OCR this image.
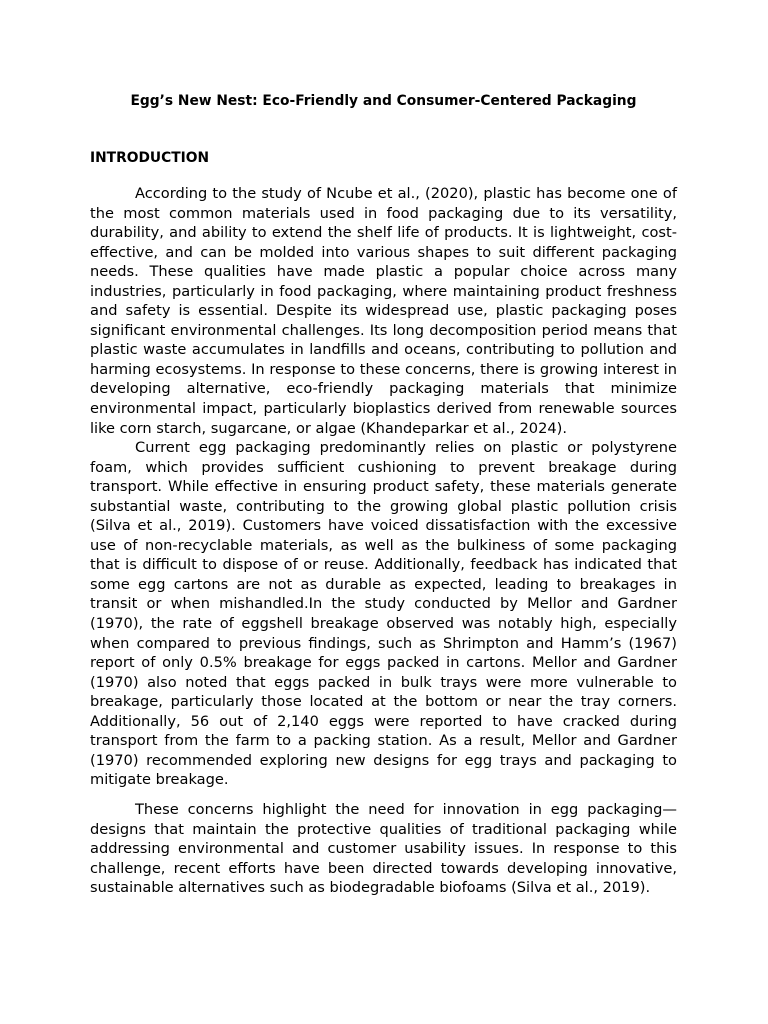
Egg’s New Nest: Eco-Friendly and Consumer-Centered Packaging
INTRODUCTION

According to the study of Ncube et al., (2020), plastic has become one of the most common materials used in food packaging due to its versatility, durability, and ability to extend the shelf life of products. It is lightweight, cost-effective, and can be molded into various shapes to suit different packaging needs. These qualities have made plastic a popular choice across many industries, particularly in food packaging, where maintaining product freshness and safety is essential. Despite its widespread use, plastic packaging poses significant environmental challenges. Its long decomposition period means that plastic waste accumulates in landfills and oceans, contributing to pollution and harming ecosystems. In response to these concerns, there is growing interest in developing alternative, eco-friendly packaging materials that minimize environmental impact, particularly bioplastics derived from renewable sources like corn starch, sugarcane, or algae (Khandeparkar et al., 2024).

Current egg packaging predominantly relies on plastic or polystyrene foam, which provides sufficient cushioning to prevent breakage during transport. While effective in ensuring product safety, these materials generate substantial waste, contributing to the growing global plastic pollution crisis (Silva et al., 2019). Customers have voiced dissatisfaction with the excessive use of non-recyclable materials, as well as the bulkiness of some packaging that is difficult to dispose of or reuse. Additionally, feedback has indicated that some egg cartons are not as durable as expected, leading to breakages in transit or when mishandled.In the study conducted by Mellor and Gardner (1970), the rate of eggshell breakage observed was notably high, especially when compared to previous findings, such as Shrimpton and Hamm’s (1967) report of only 0.5% breakage for eggs packed in cartons. Mellor and Gardner (1970) also noted that eggs packed in bulk trays were more vulnerable to breakage, particularly those located at the bottom or near the tray corners. Additionally, 56 out of 2,140 eggs were reported to have cracked during transport from the farm to a packing station. As a result, Mellor and Gardner (1970) recommended exploring new designs for egg trays and packaging to mitigate breakage.

These concerns highlight the need for innovation in egg packaging—designs that maintain the protective qualities of traditional packaging while addressing environmental and customer usability issues. In response to this challenge, recent efforts have been directed towards developing innovative, sustainable alternatives such as biodegradable biofoams (Silva et al., 2019).
